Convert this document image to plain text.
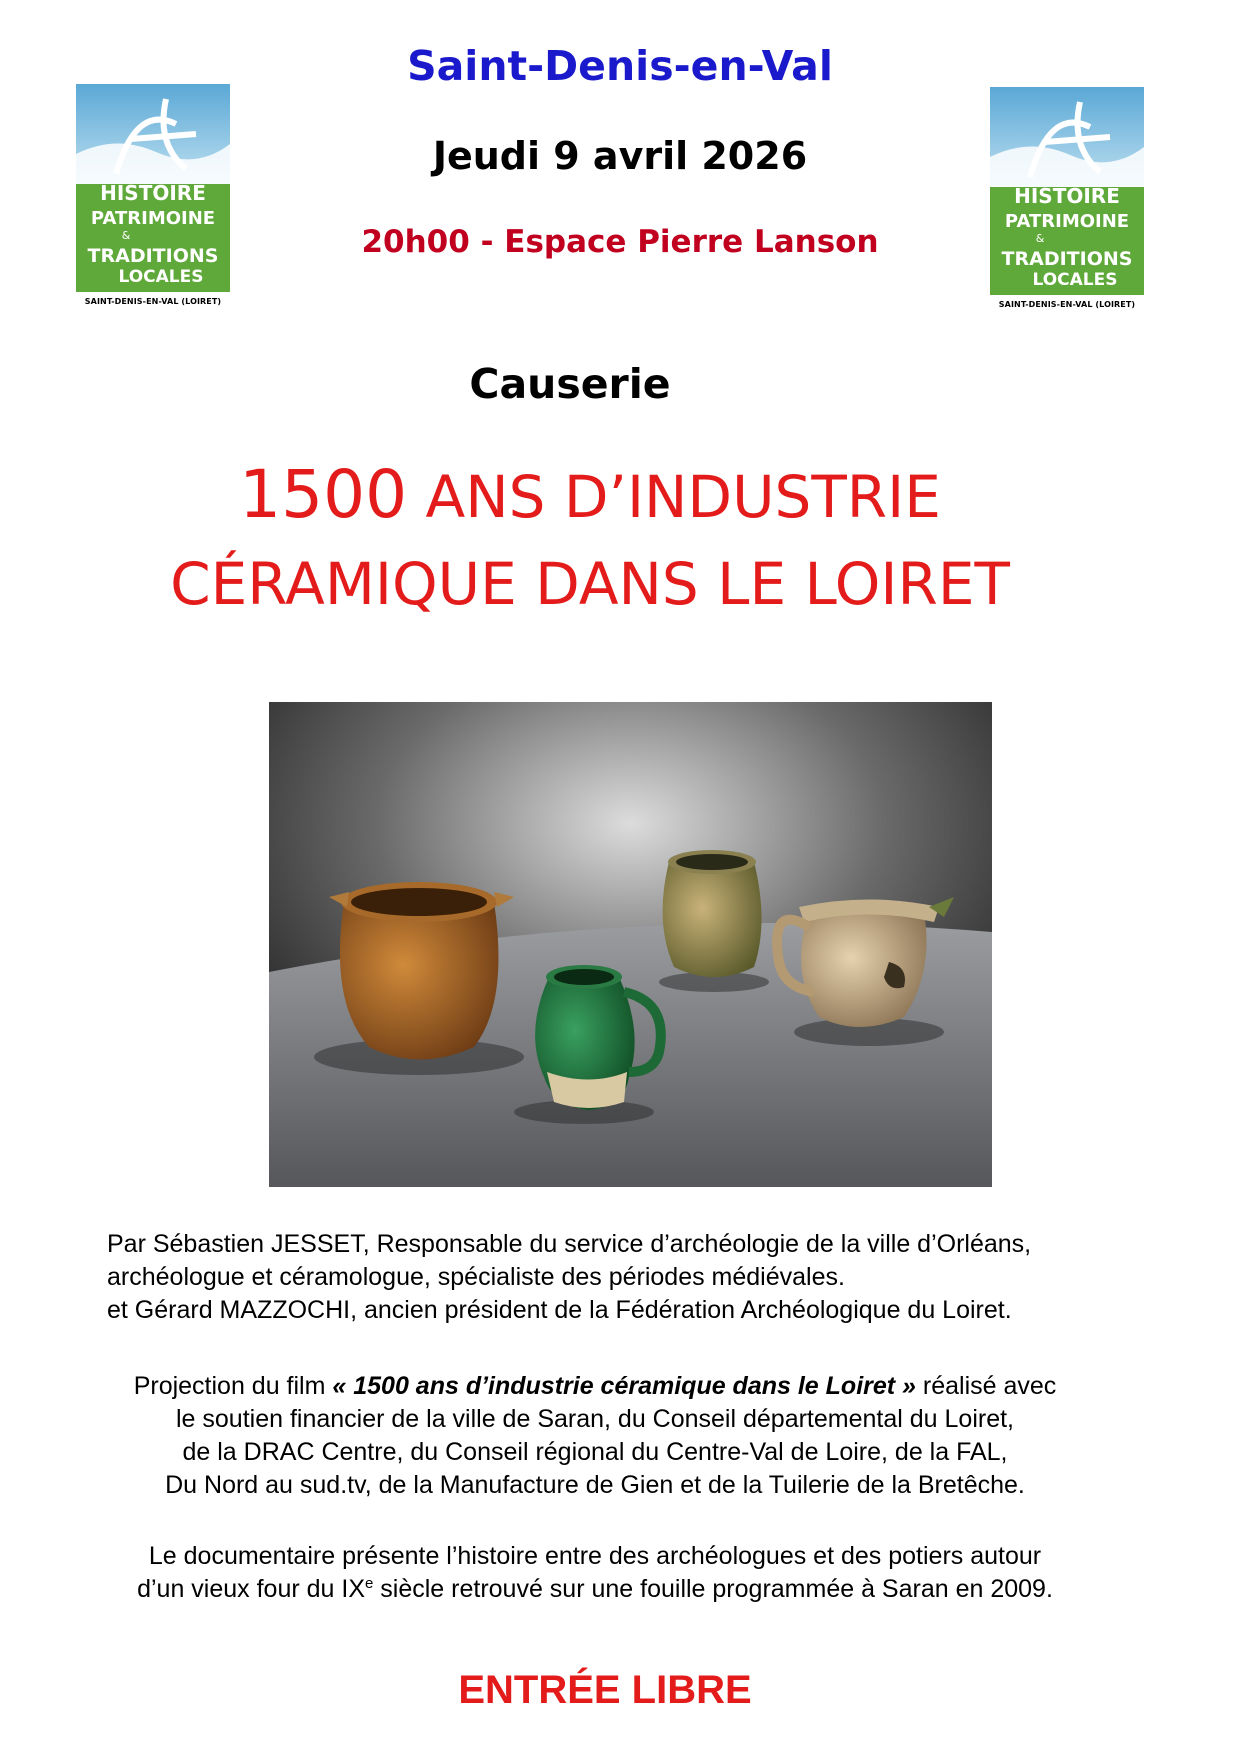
HISTOIRE
PATRIMOINE
&
TRADITIONS
LOCALES
SAINT-DENIS-EN-VAL (LOIRET)
HISTOIRE
PATRIMOINE
&
TRADITIONS
LOCALES
SAINT-DENIS-EN-VAL (LOIRET)
Saint-Denis-en-Val
Jeudi 9 avril 2026
20h00 - Espace Pierre Lanson
Causerie
1500 ANS D’INDUSTRIE
CÉRAMIQUE DANS LE LOIRET
Par Sébastien JESSET, Responsable du service d’archéologie de la ville d’Orléans,
archéologue et céramologue, spécialiste des périodes médiévales.
et Gérard MAZZOCHI, ancien président de la Fédération Archéologique du Loiret.
Projection du film « 1500 ans d’industrie céramique dans le Loiret » réalisé avec
le soutien financier de la ville de Saran, du Conseil départemental du Loiret,
de la DRAC Centre, du Conseil régional du Centre-Val de Loire, de la FAL,
Du Nord au sud.tv, de la Manufacture de Gien et de la Tuilerie de la Bretêche.
Le documentaire présente l’histoire entre des archéologues et des potiers autour
d’un vieux four du IXe siècle retrouvé sur une fouille programmée à Saran en 2009.
ENTRÉE LIBRE
